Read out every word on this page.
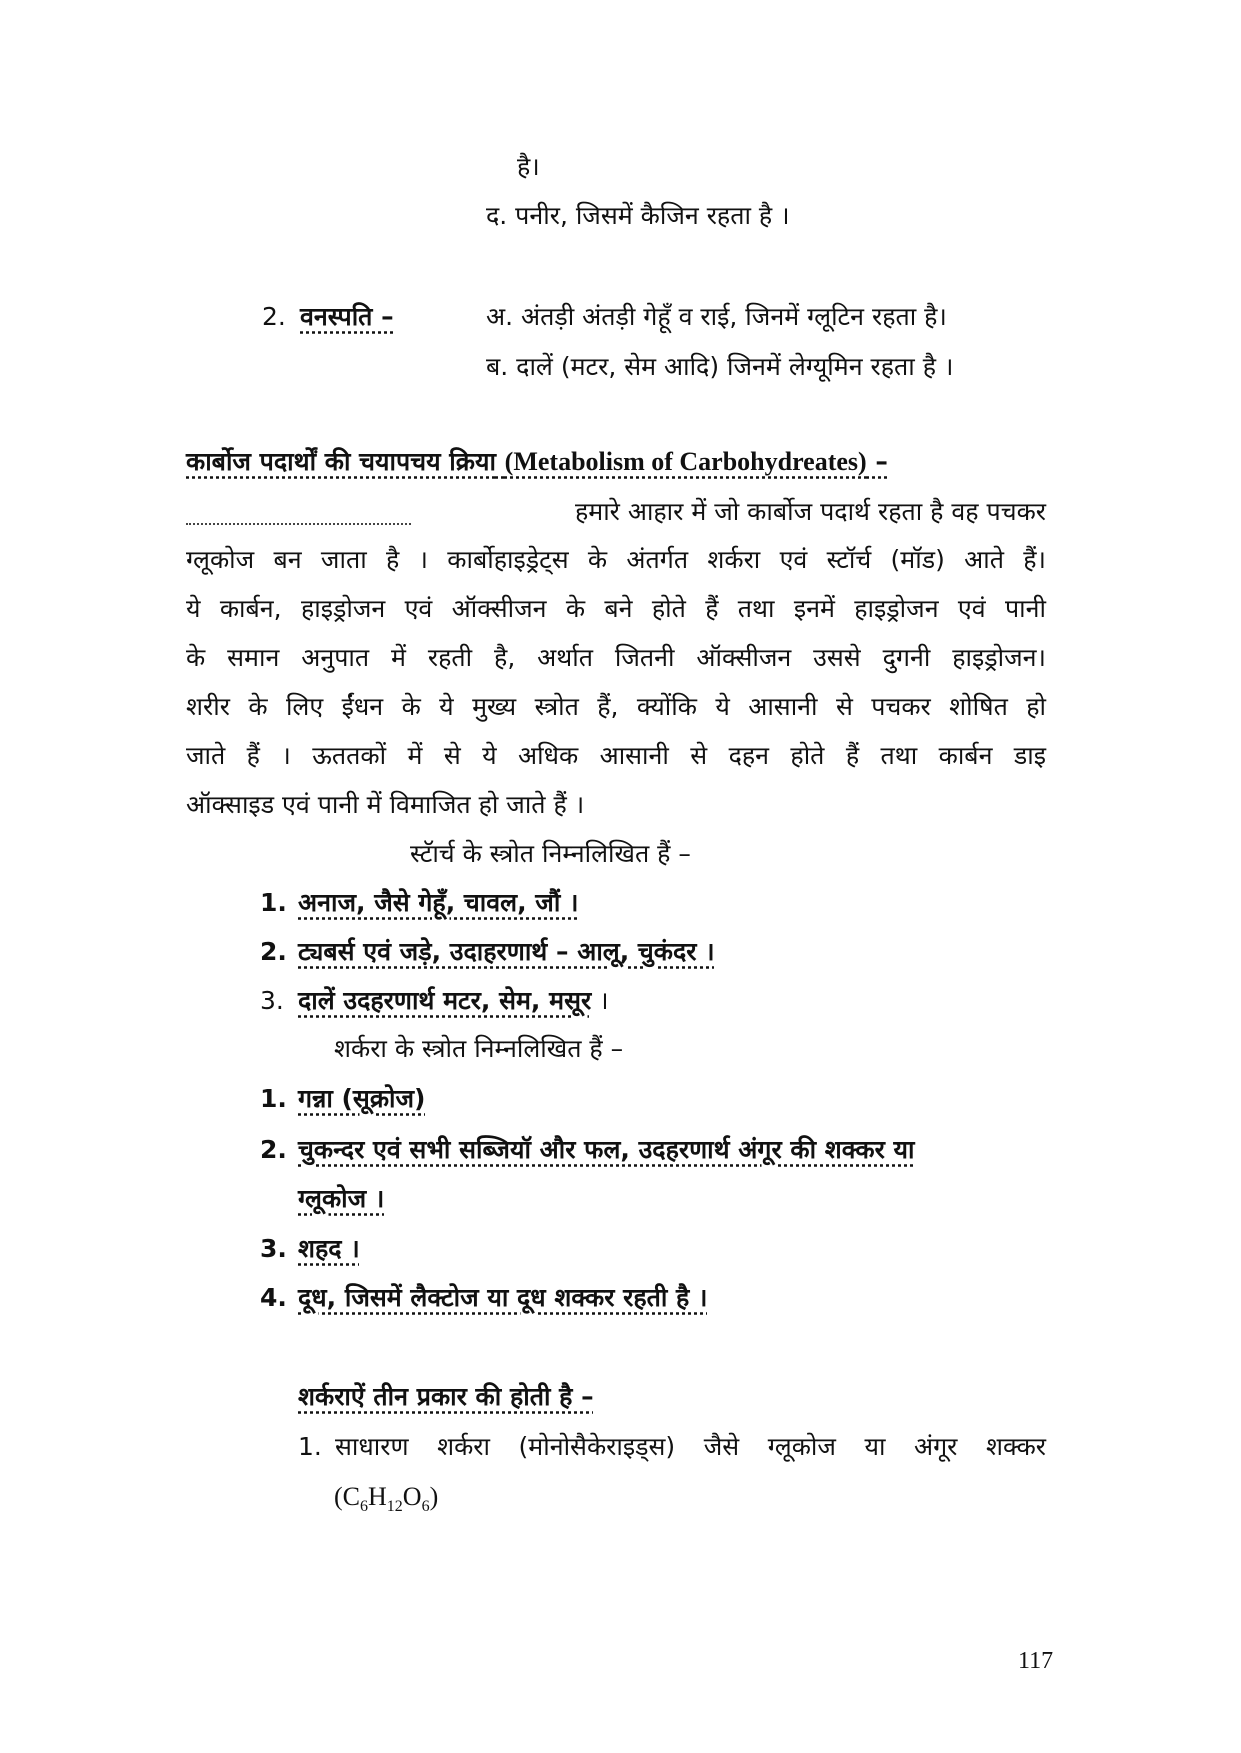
है।
द. पनीर, जिसमें कैजिन रहता है ।
2. वनस्पति –	अ. अंतड़ी अंतड़ी गेहूँ व राई, जिनमें ग्लूटिन रहता है।
ब. दालें (मटर, सेम आदि) जिनमें लेग्यूमिन रहता है ।
कार्बोज पदार्थों की चयापचय क्रिया (Metabolism of Carbohydreates) –
हमारे आहार में जो कार्बोज पदार्थ रहता है वह पचकर
ग्लूकोज बन जाता है । कार्बोहाइड्रेट्स के अंतर्गत शर्करा एवं स्टॉर्च (मॉड) आते हैं।
ये कार्बन, हाइड्रोजन एवं ऑक्सीजन के बने होते हैं तथा इनमें हाइड्रोजन एवं पानी
के समान अनुपात में रहती है, अर्थात जितनी ऑक्सीजन उससे दुगनी हाइड्रोजन।
शरीर के लिए ईंधन के ये मुख्य स्त्रोत हैं, क्योंकि ये आसानी से पचकर शोषित हो
जाते हैं । ऊततकों में से ये अधिक आसानी से दहन होते हैं तथा कार्बन डाइ
ऑक्साइड एवं पानी में विमाजित हो जाते हैं ।
स्टॅार्च के स्त्रोत निम्नलिखित हैं –
1. अनाज, जैसे गेहूँ, चावल, जौं ।
2. ट्यबर्स एवं जड़े, उदाहरणार्थ – आलू, चुकंदर ।
3. दालें उदहरणार्थ मटर, सेम, मसूर ।
शर्करा के स्त्रोत निम्नलिखित हैं –
1. गन्ना (सूक्रोज)
2. चुकन्दर एवं सभी सब्जियॉ और फल, उदहरणार्थ अंगूर की शक्कर या
ग्लूकोज ।
3. शहद ।
4. दूध, जिसमें लैक्टोज या दूध शक्कर रहती है ।
शर्कराऐं तीन प्रकार की होती है –
1. साधारण शर्करा (मोनोसैकेराइड्स) जैसे ग्लूकोज या अंगूर शक्कर
$(C_6H_{12}O_6)$
117
